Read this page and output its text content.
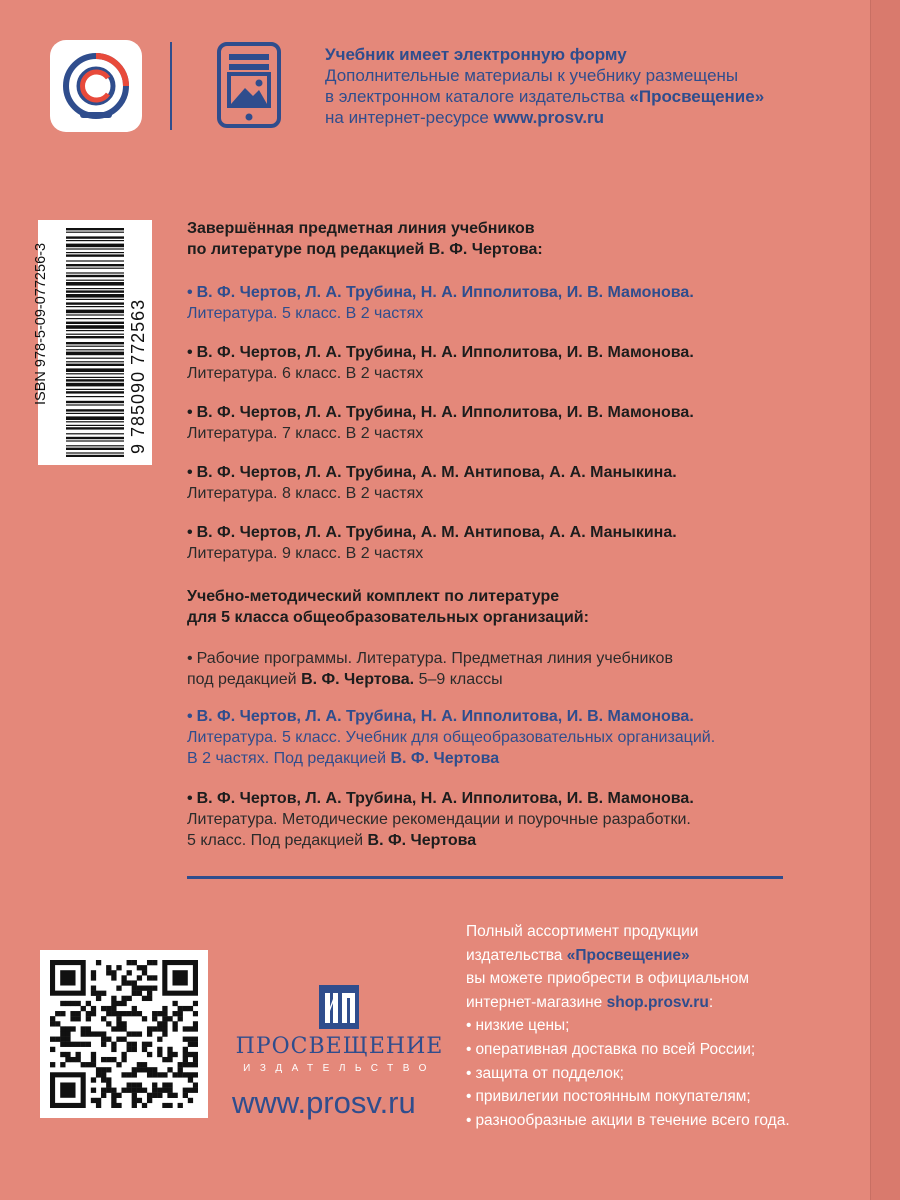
Учебник имеет электронную форму
Дополнительные материалы к учебнику размещены
в электронном каталоге издательства «Просвещение»
на интернет-ресурсе www.prosv.ru
ISBN 978-5-09-077256-3	9 785090 772563
Завершённая предметная линия учебников
по литературе под редакцией В. Ф. Чертова:
• В. Ф. Чертов, Л. А. Трубина, Н. А. Ипполитова, И. В. Мамонова.
Литература. 5 класс. В 2 частях
• В. Ф. Чертов, Л. А. Трубина, Н. А. Ипполитова, И. В. Мамонова.
Литература. 6 класс. В 2 частях
• В. Ф. Чертов, Л. А. Трубина, Н. А. Ипполитова, И. В. Мамонова.
Литература. 7 класс. В 2 частях
• В. Ф. Чертов, Л. А. Трубина, А. М. Антипова, А. А. Маныкина.
Литература. 8 класс. В 2 частях
• В. Ф. Чертов, Л. А. Трубина, А. М. Антипова, А. А. Маныкина.
Литература. 9 класс. В 2 частях
Учебно-методический комплект по литературе
для 5 класса общеобразовательных организаций:
• Рабочие программы. Литература. Предметная линия учебников
под редакцией В. Ф. Чертова. 5–9 классы
• В. Ф. Чертов, Л. А. Трубина, Н. А. Ипполитова, И. В. Мамонова.
Литература. 5 класс. Учебник для общеобразовательных организаций.
В 2 частях. Под редакцией В. Ф. Чертова
• В. Ф. Чертов, Л. А. Трубина, Н. А. Ипполитова, И. В. Мамонова.
Литература. Методические рекомендации и поурочные разработки.
5 класс. Под редакцией В. Ф. Чертова
ПРОСВЕЩЕНИЕ
ИЗДАТЕЛЬСТВО
www.prosv.ru
Полный ассортимент продукции
издательства «Просвещение»
вы можете приобрести в официальном
интернет-магазине shop.prosv.ru:
• низкие цены;
• оперативная доставка по всей России;
• защита от подделок;
• привилегии постоянным покупателям;
• разнообразные акции в течение всего года.
